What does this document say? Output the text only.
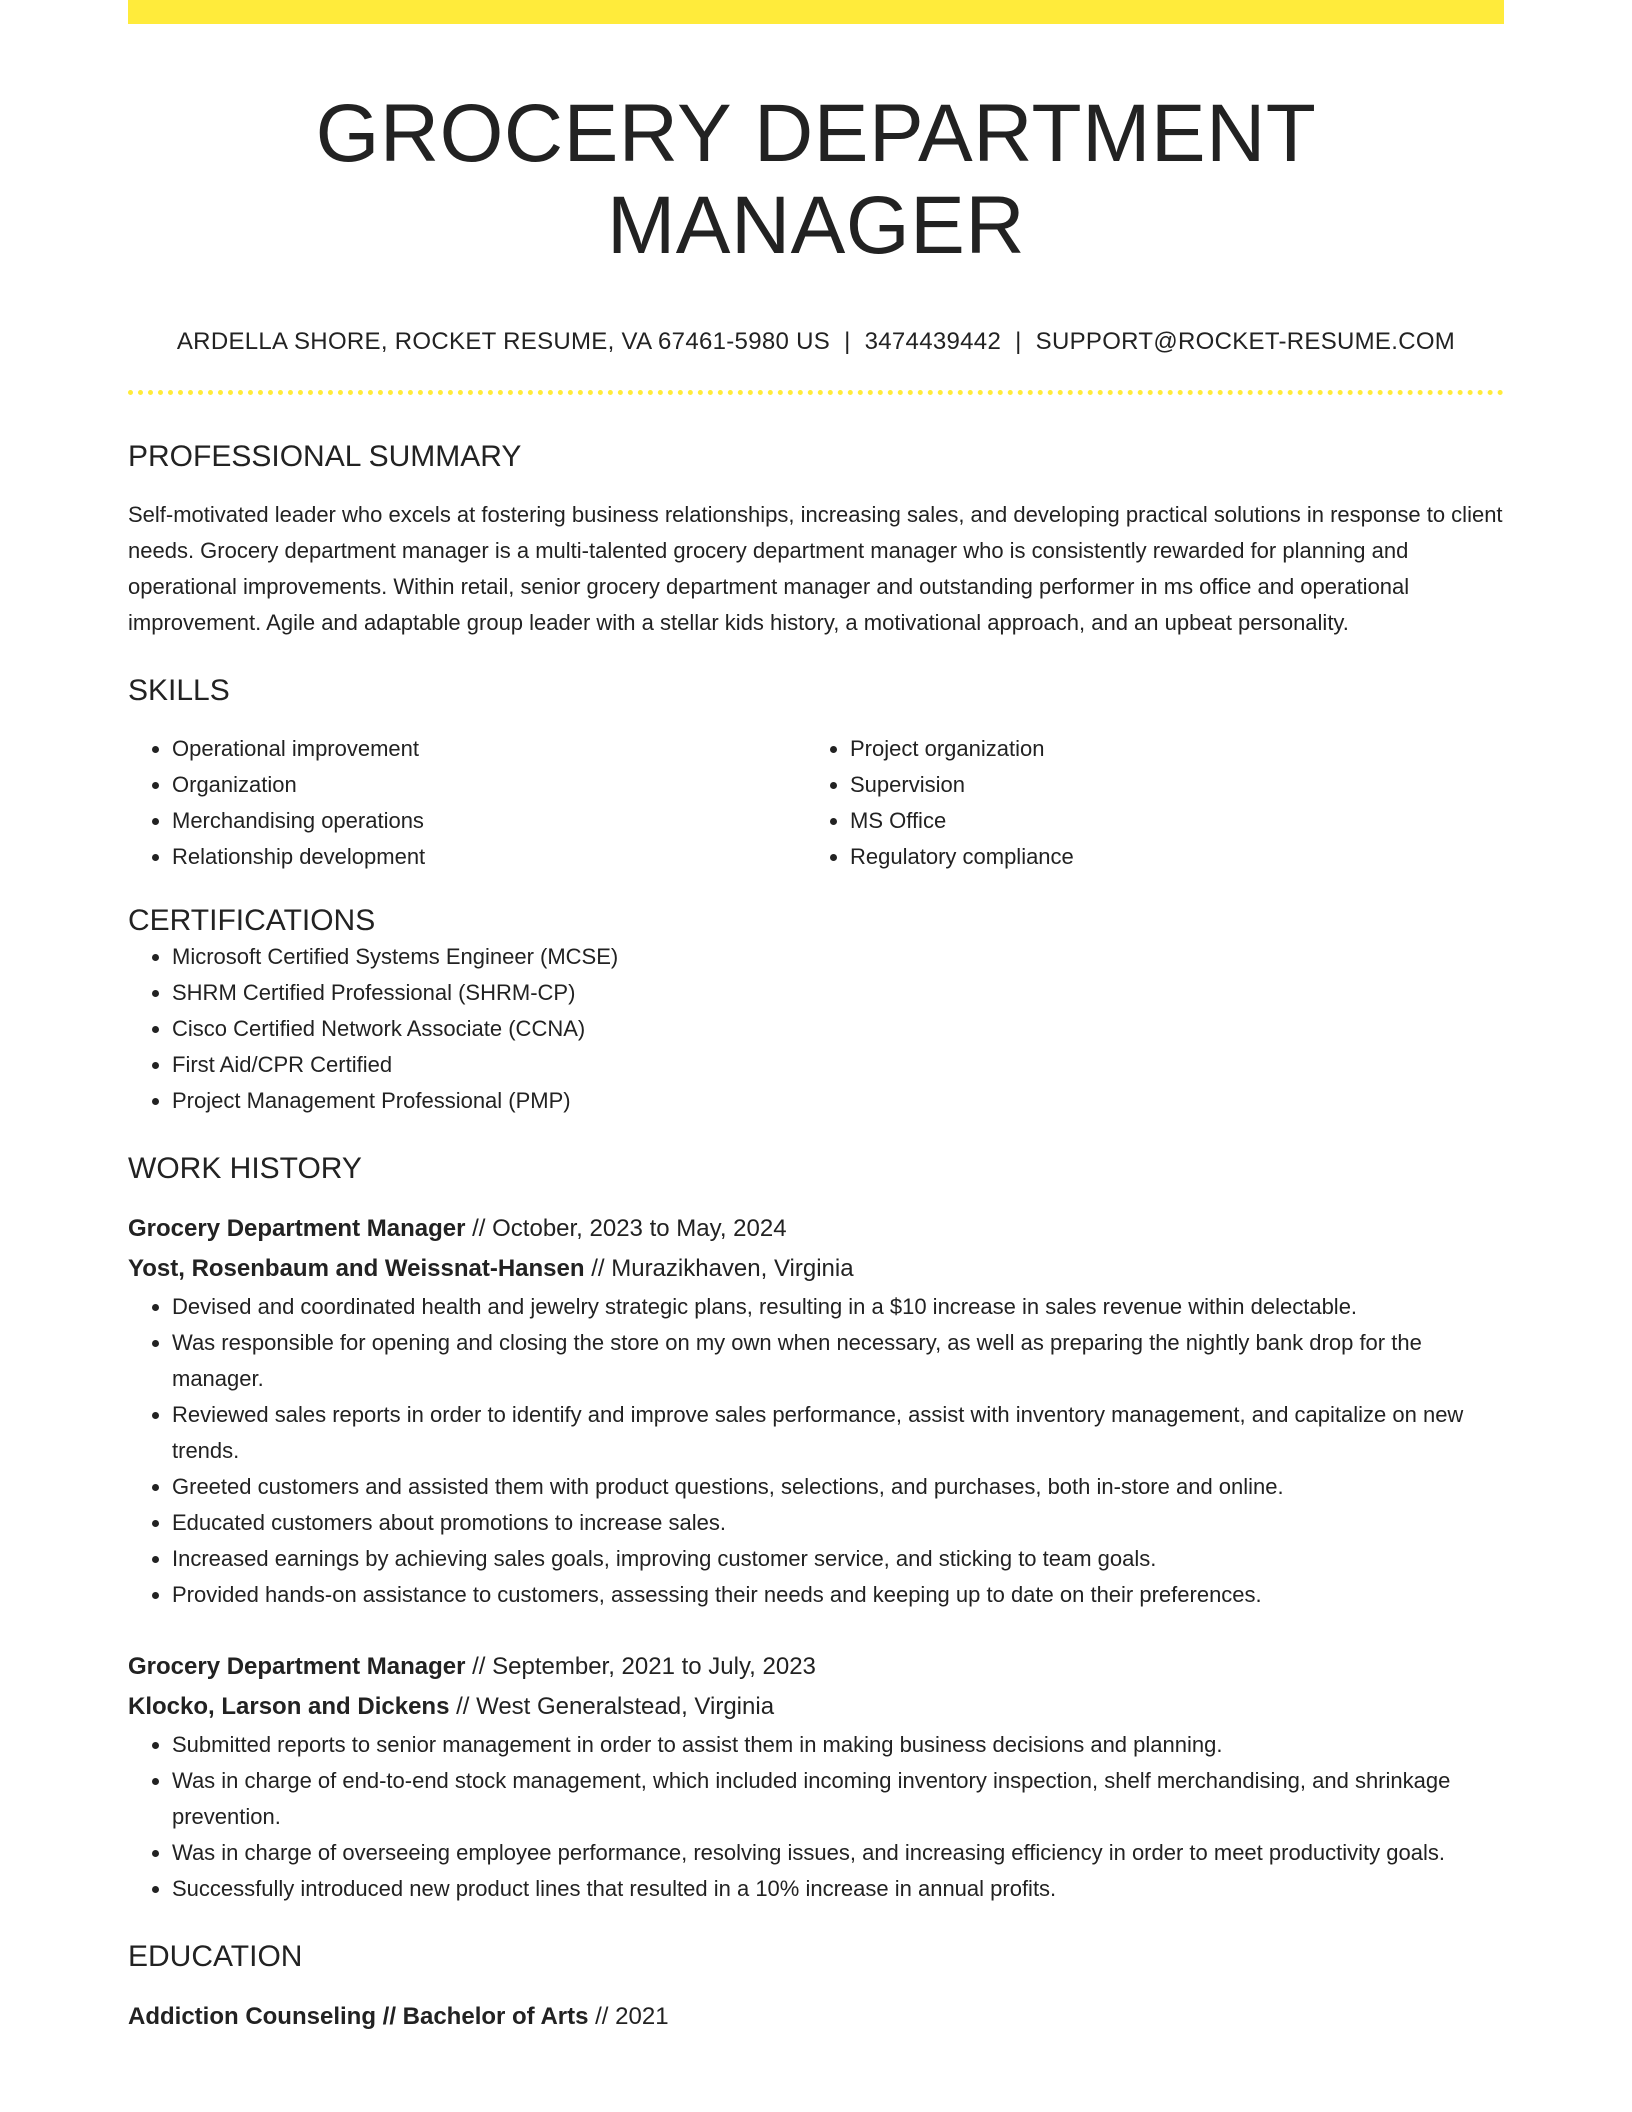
GROCERY DEPARTMENT MANAGER
ARDELLA SHORE, ROCKET RESUME, VA 67461-5980 US | 3474439442 | SUPPORT@ROCKET-RESUME.COM
PROFESSIONAL SUMMARY

Self-motivated leader who excels at fostering business relationships, increasing sales, and developing practical solutions in response to client needs. Grocery department manager is a multi-talented grocery department manager who is consistently rewarded for planning and operational improvements. Within retail, senior grocery department manager and outstanding performer in ms office and operational improvement. Agile and adaptable group leader with a stellar kids history, a motivational approach, and an upbeat personality.

SKILLS
• Operational improvement
• Organization
• Merchandising operations
• Relationship development
• Project organization
• Supervision
• MS Office
• Regulatory compliance
CERTIFICATIONS
• Microsoft Certified Systems Engineer (MCSE)
• SHRM Certified Professional (SHRM-CP)
• Cisco Certified Network Associate (CCNA)
• First Aid/CPR Certified
• Project Management Professional (PMP)
WORK HISTORY
Grocery Department Manager // October, 2023 to May, 2024
Yost, Rosenbaum and Weissnat-Hansen // Murazikhaven, Virginia
• Devised and coordinated health and jewelry strategic plans, resulting in a $10 increase in sales revenue within delectable.
• Was responsible for opening and closing the store on my own when necessary, as well as preparing the nightly bank drop for the manager.
• Reviewed sales reports in order to identify and improve sales performance, assist with inventory management, and capitalize on new trends.
• Greeted customers and assisted them with product questions, selections, and purchases, both in-store and online.
• Educated customers about promotions to increase sales.
• Increased earnings by achieving sales goals, improving customer service, and sticking to team goals.
• Provided hands-on assistance to customers, assessing their needs and keeping up to date on their preferences.
Grocery Department Manager // September, 2021 to July, 2023
Klocko, Larson and Dickens // West Generalstead, Virginia
• Submitted reports to senior management in order to assist them in making business decisions and planning.
• Was in charge of end-to-end stock management, which included incoming inventory inspection, shelf merchandising, and shrinkage prevention.
• Was in charge of overseeing employee performance, resolving issues, and increasing efficiency in order to meet productivity goals.
• Successfully introduced new product lines that resulted in a 10% increase in annual profits.
EDUCATION
Addiction Counseling // Bachelor of Arts // 2021
